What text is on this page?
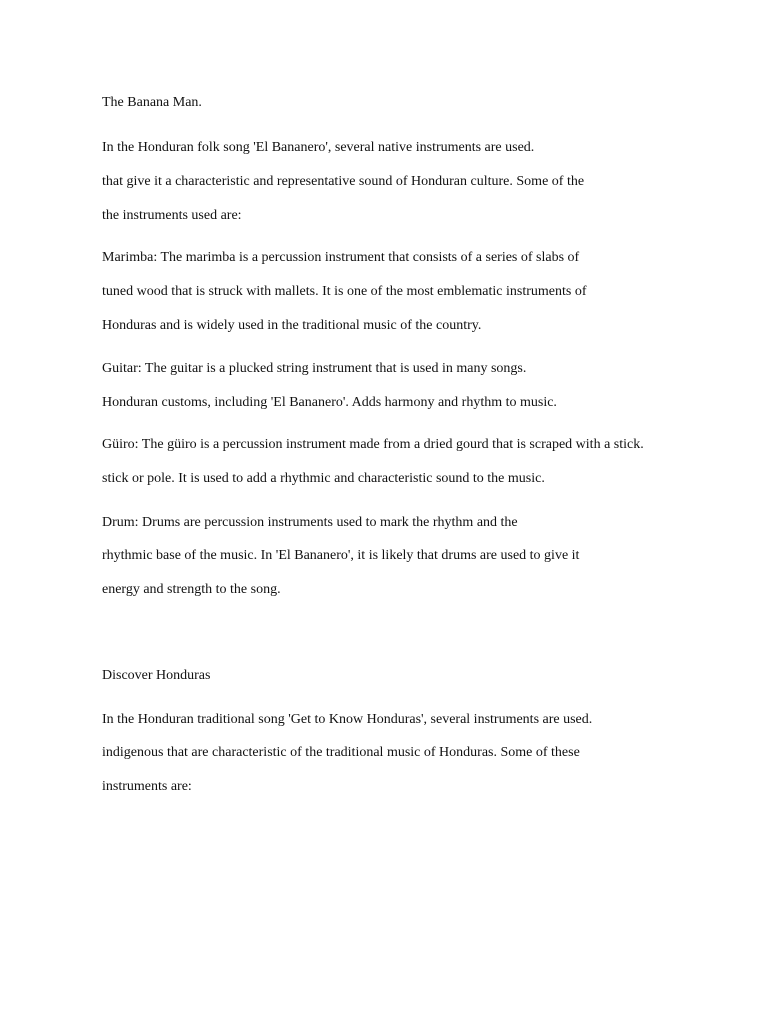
The Banana Man.

In the Honduran folk song 'El Bananero', several native instruments are used.

that give it a characteristic and representative sound of Honduran culture. Some of the

the instruments used are:

Marimba: The marimba is a percussion instrument that consists of a series of slabs of

tuned wood that is struck with mallets. It is one of the most emblematic instruments of

Honduras and is widely used in the traditional music of the country.

Guitar: The guitar is a plucked string instrument that is used in many songs.

Honduran customs, including 'El Bananero'. Adds harmony and rhythm to music.

Güiro: The güiro is a percussion instrument made from a dried gourd that is scraped with a stick.

stick or pole. It is used to add a rhythmic and characteristic sound to the music.

Drum: Drums are percussion instruments used to mark the rhythm and the

rhythmic base of the music. In 'El Bananero', it is likely that drums are used to give it

energy and strength to the song.

Discover Honduras

In the Honduran traditional song 'Get to Know Honduras', several instruments are used.

indigenous that are characteristic of the traditional music of Honduras. Some of these

instruments are:
